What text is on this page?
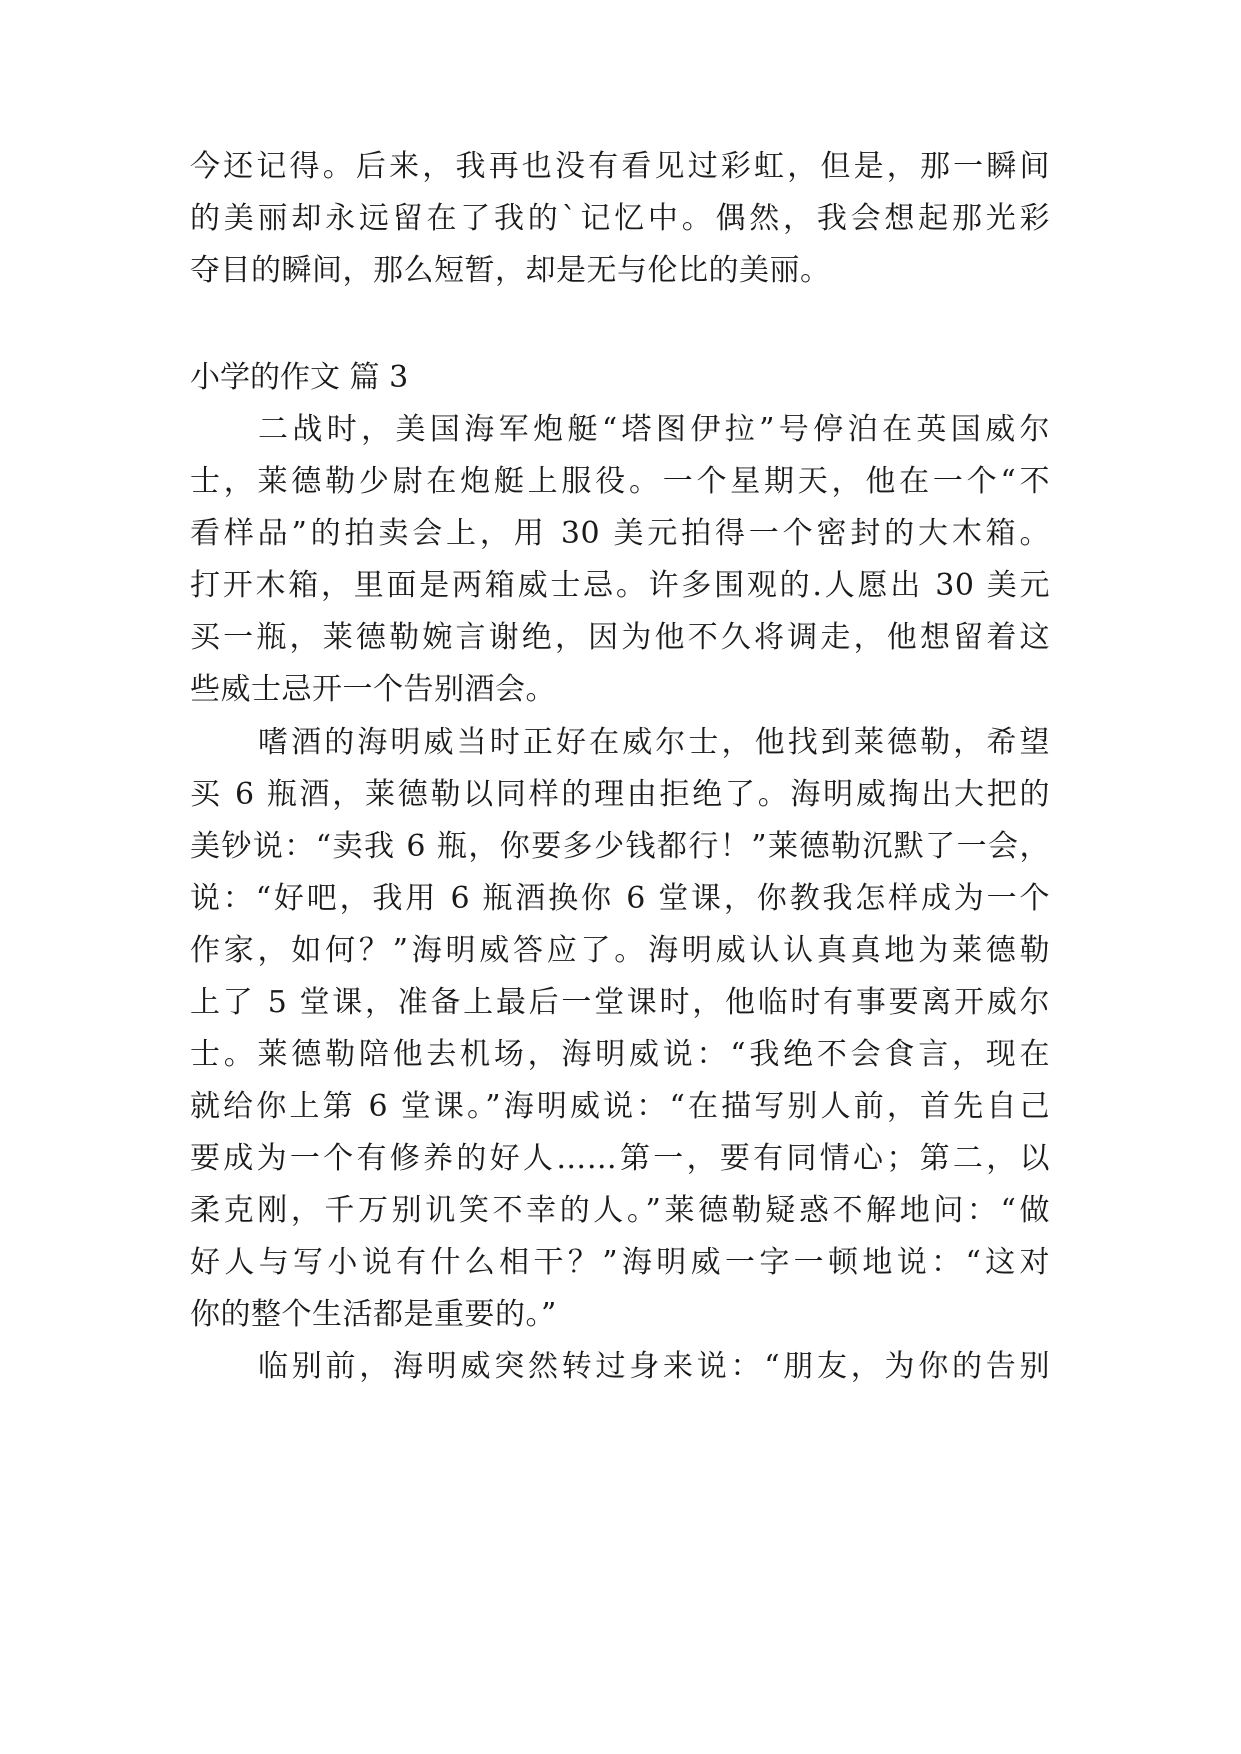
今还记得。后来，我再也没有看见过彩虹，但是，那一瞬间
的美丽却永远留在了我的`记忆中。偶然，我会想起那光彩
夺目的瞬间，那么短暂，却是无与伦比的美丽。
小学的作文 篇 3
二战时，美国海军炮艇“塔图伊拉”号停泊在英国威尔
士，莱德勒少尉在炮艇上服役。一个星期天，他在一个“不
看样品”的拍卖会上，用 30 美元拍得一个密封的大木箱。
打开木箱，里面是两箱威士忌。许多围观的.人愿出 30 美元
买一瓶，莱德勒婉言谢绝，因为他不久将调走，他想留着这
些威士忌开一个告别酒会。
嗜酒的海明威当时正好在威尔士，他找到莱德勒，希望
买 6 瓶酒，莱德勒以同样的理由拒绝了。海明威掏出大把的
美钞说：“卖我 6 瓶，你要多少钱都行！”莱德勒沉默了一会，
说：“好吧，我用 6 瓶酒换你 6 堂课，你教我怎样成为一个
作家，如何？”海明威答应了。海明威认认真真地为莱德勒
上了 5 堂课，准备上最后一堂课时，他临时有事要离开威尔
士。莱德勒陪他去机场，海明威说：“我绝不会食言，现在
就给你上第 6 堂课。”海明威说：“在描写别人前，首先自己
要成为一个有修养的好人……第一，要有同情心；第二，以
柔克刚，千万别讥笑不幸的人。”莱德勒疑惑不解地问：“做
好人与写小说有什么相干？”海明威一字一顿地说：“这对
你的整个生活都是重要的。”
临别前，海明威突然转过身来说：“朋友，为你的告别
